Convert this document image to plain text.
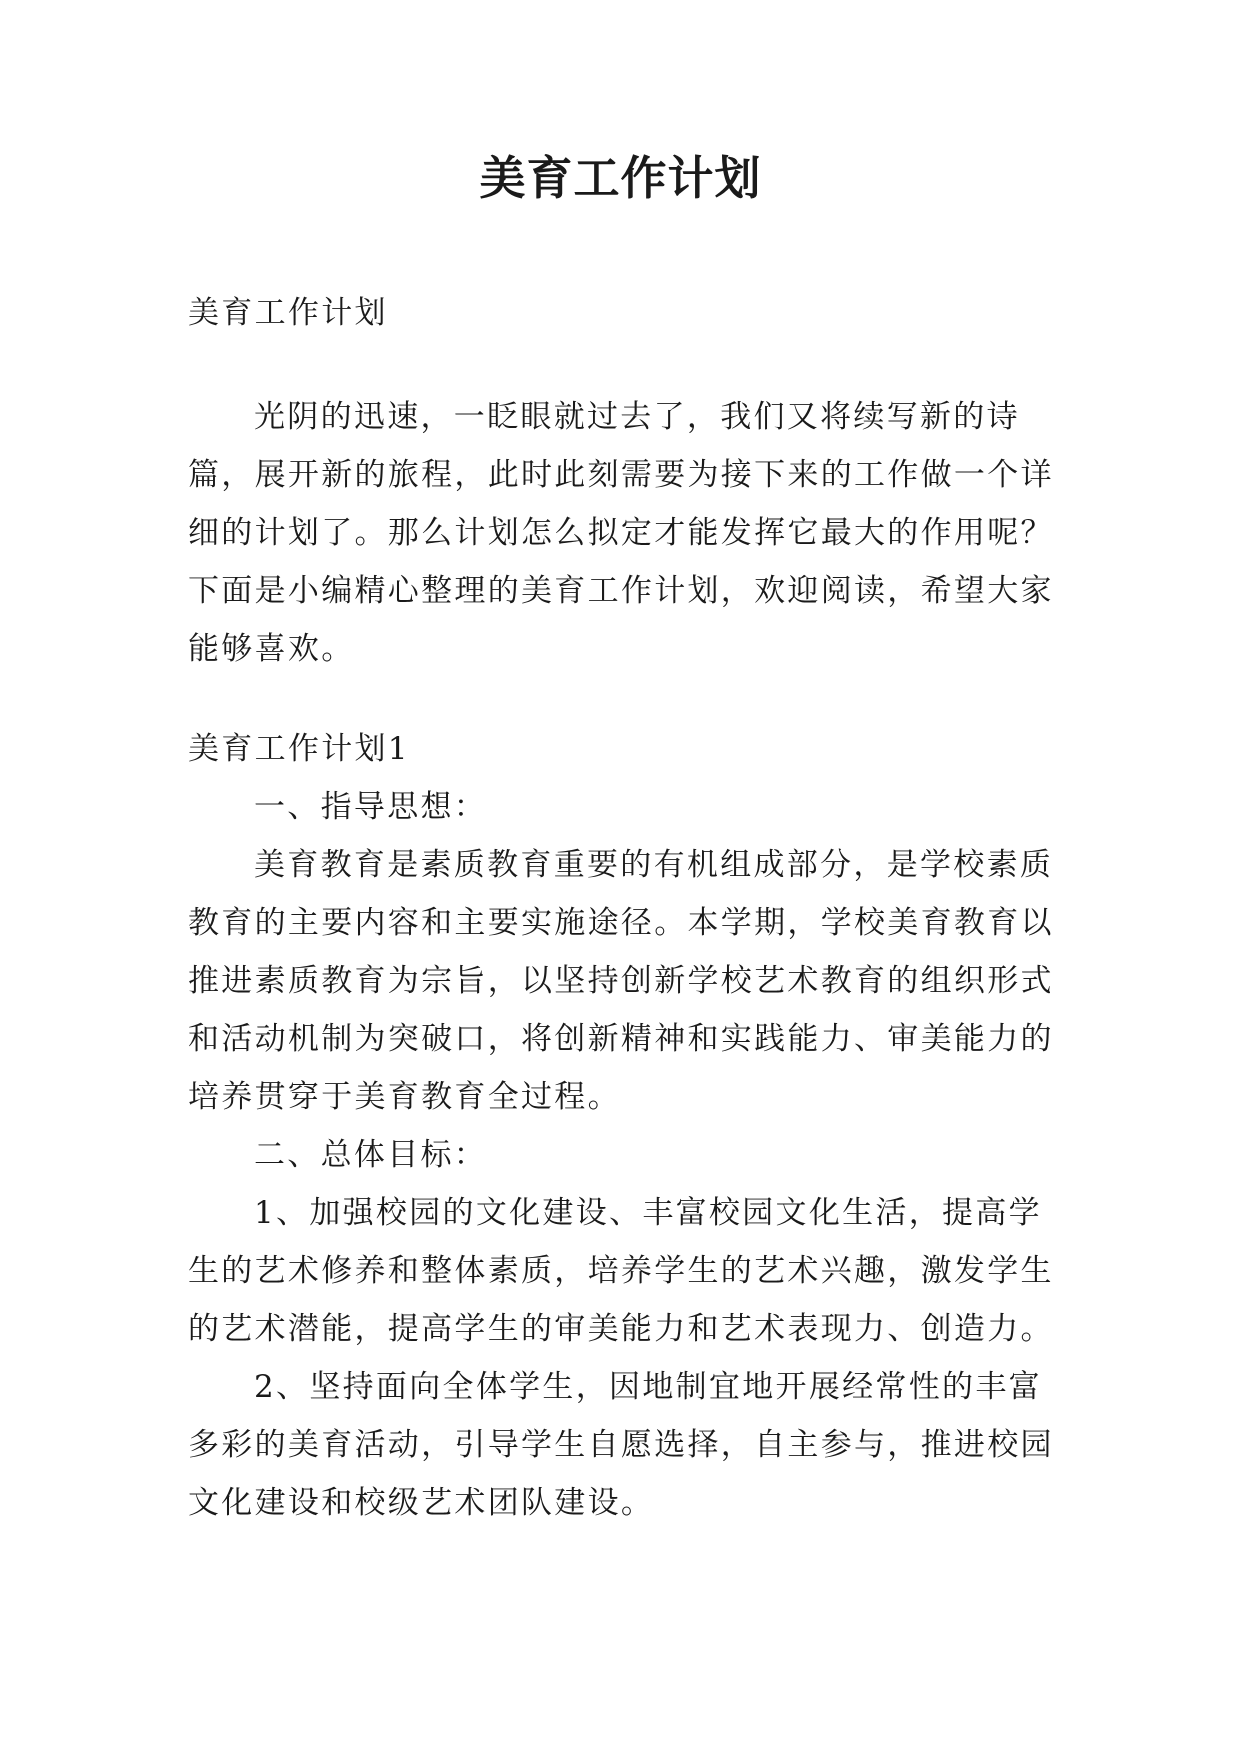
美育工作计划

美育工作计划

光阴的迅速，一眨眼就过去了，我们又将续写新的诗篇，展开新的旅程，此时此刻需要为接下来的工作做一个详细的计划了。那么计划怎么拟定才能发挥它最大的作用呢？下面是小编精心整理的美育工作计划，欢迎阅读，希望大家能够喜欢。

美育工作计划1

一、指导思想：

美育教育是素质教育重要的有机组成部分，是学校素质教育的主要内容和主要实施途径。本学期，学校美育教育以推进素质教育为宗旨，以坚持创新学校艺术教育的组织形式和活动机制为突破口，将创新精神和实践能力、审美能力的培养贯穿于美育教育全过程。

二、总体目标：

1、加强校园的文化建设、丰富校园文化生活，提高学生的艺术修养和整体素质，培养学生的艺术兴趣，激发学生的艺术潜能，提高学生的审美能力和艺术表现力、创造力。

2、坚持面向全体学生，因地制宜地开展经常性的丰富多彩的美育活动，引导学生自愿选择，自主参与，推进校园文化建设和校级艺术团队建设。
